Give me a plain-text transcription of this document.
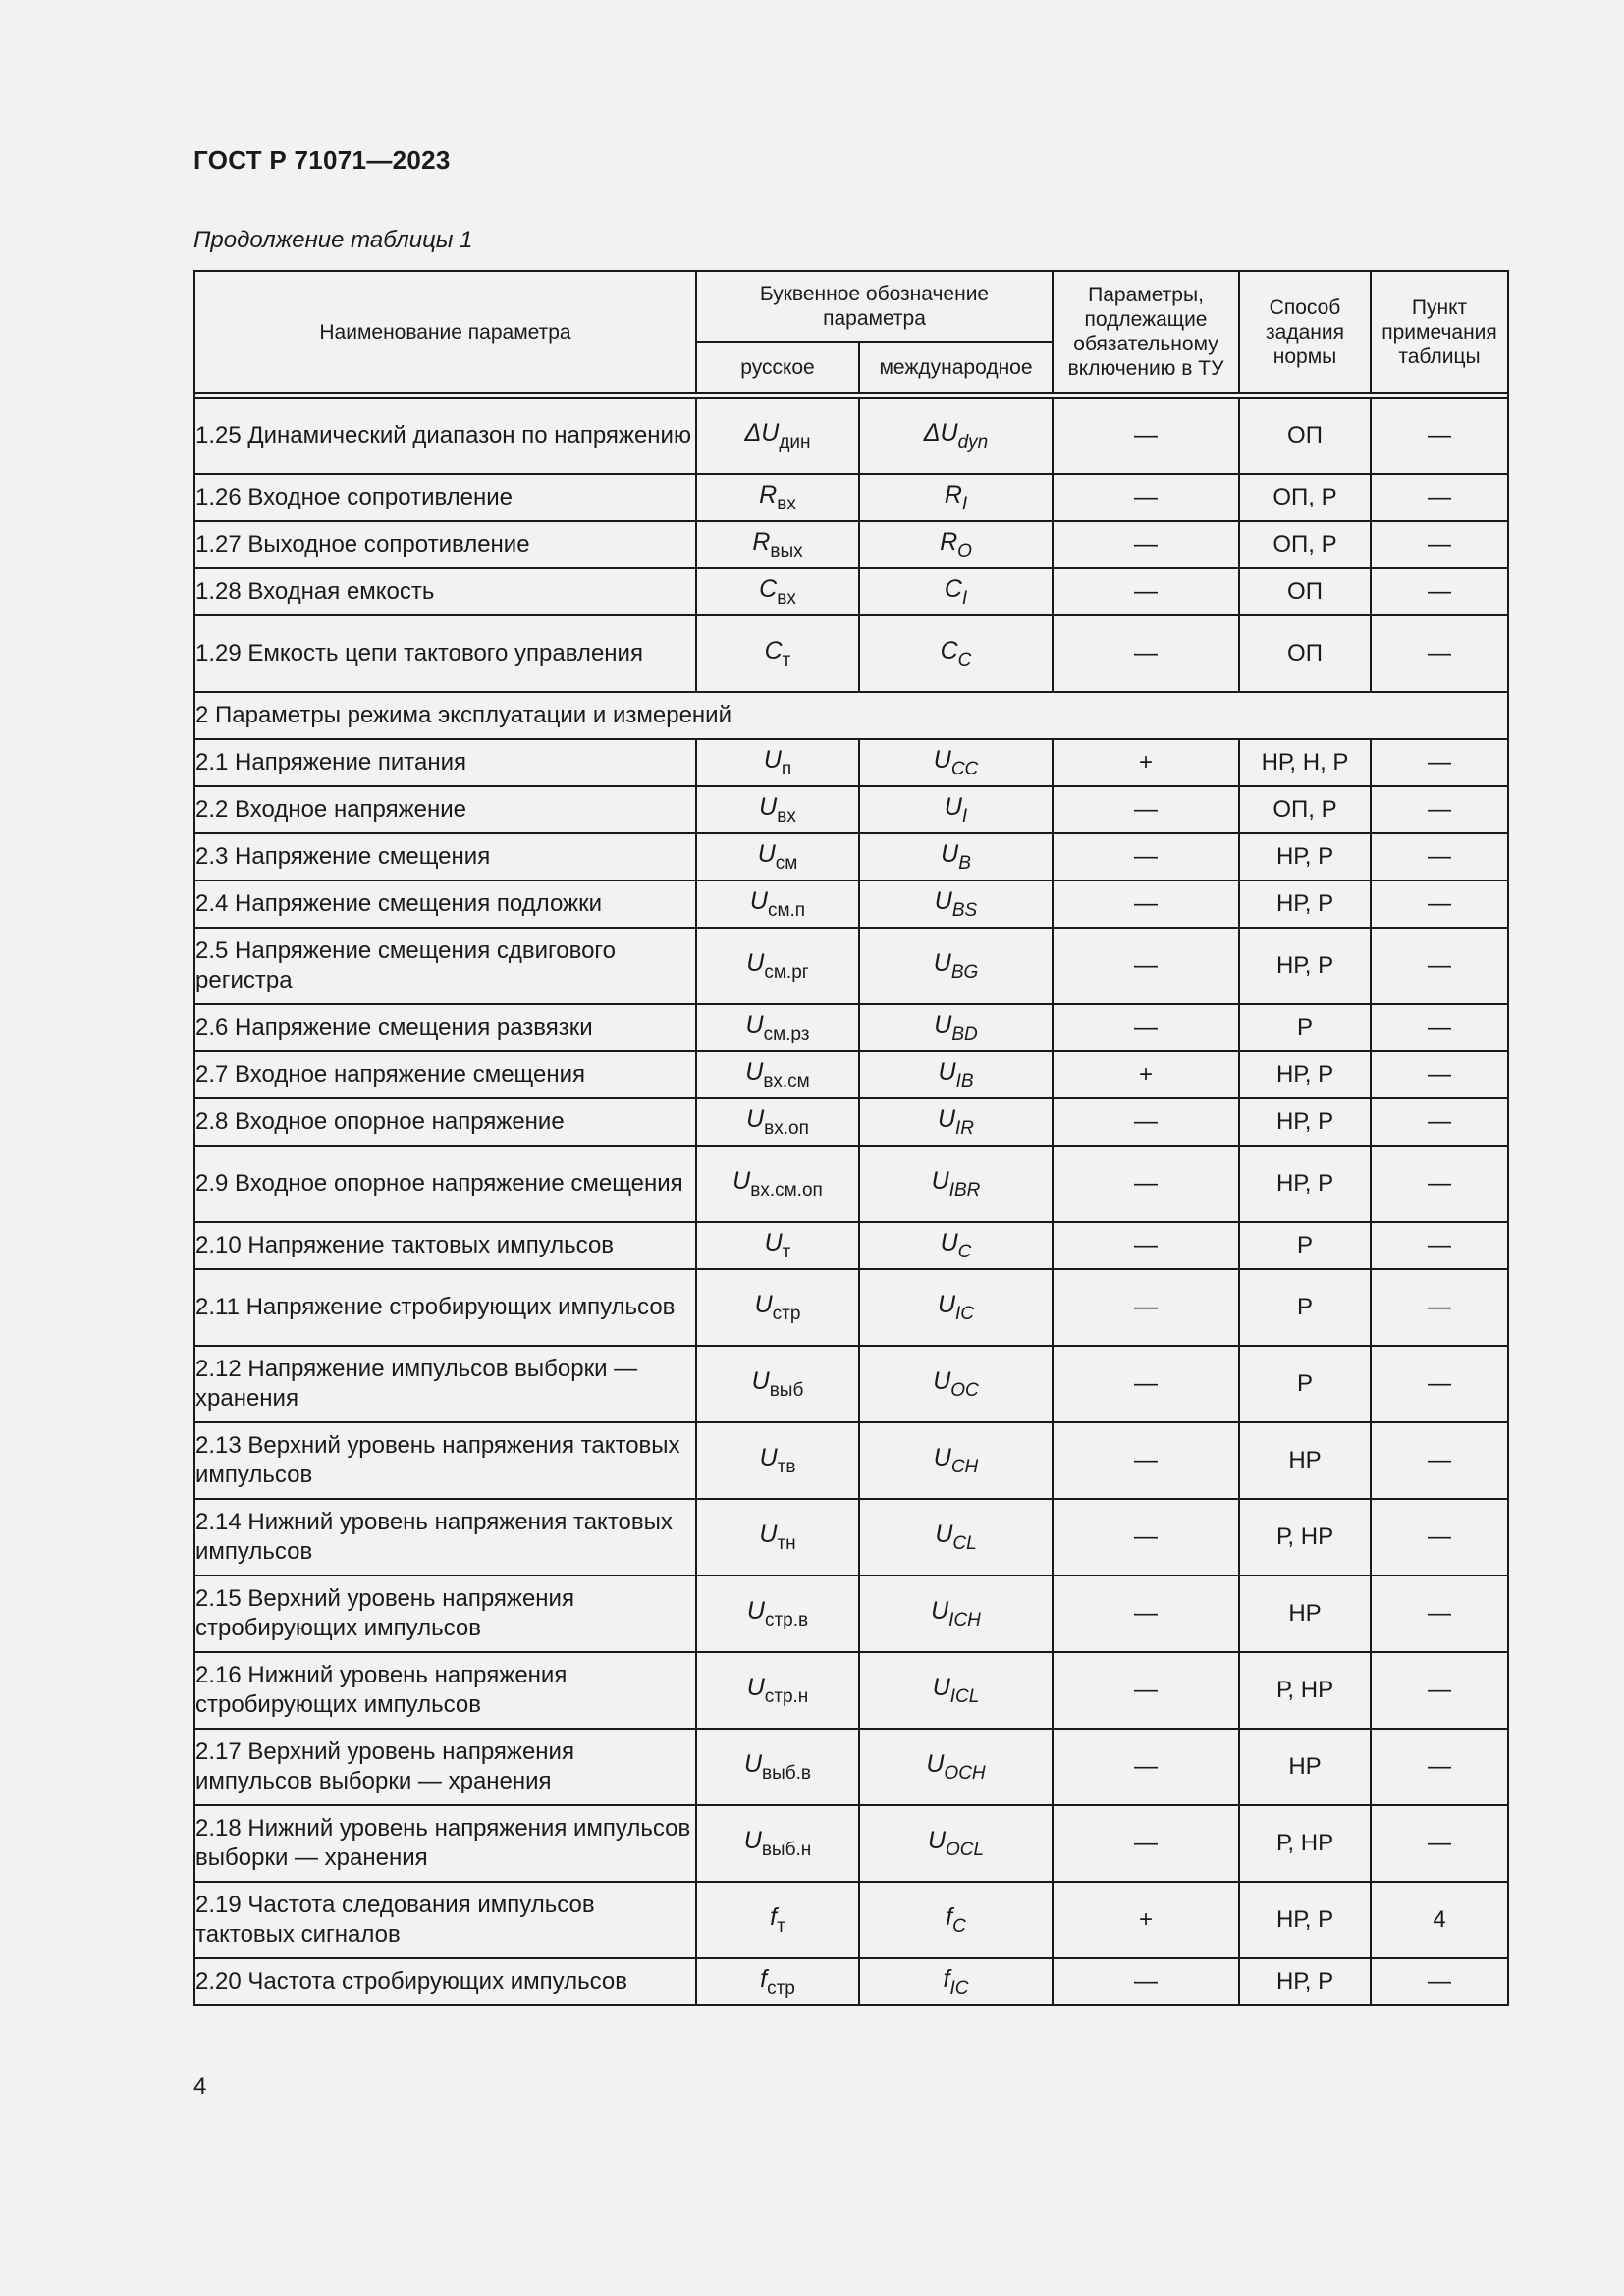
ГОСТ Р 71071—2023
Продолжение таблицы 1
Наименование параметра	Буквенное обозначение параметра		Параметры, подлежащие обязательному включению в ТУ	Способ задания нормы	Пункт примечания таблицы
	русское	международное			

1.25 Динамический диапазон по напряжению	$\Delta U_{дин}$	$\Delta U_{dyn}$	—	ОП	—
1.26 Входное сопротивление	$R_{вх}$	$R_I$	—	ОП, Р	—
1.27 Выходное сопротивление	$R_{вых}$	$R_O$	—	ОП, Р	—
1.28 Входная емкость	$C_{вх}$	$C_I$	—	ОП	—
1.29 Емкость цепи тактового управления	$C_т$	$C_C$	—	ОП	—
2 Параметры режима эксплуатации и измерений					
2.1 Напряжение питания	$U_п$	$U_{CC}$	+	НР, Н, Р	—
2.2 Входное напряжение	$U_{вх}$	$U_I$	—	ОП, Р	—
2.3 Напряжение смещения	$U_{см}$	$U_B$	—	НР, Р	—
2.4 Напряжение смещения подложки	$U_{см.п}$	$U_{BS}$	—	НР, Р	—
2.5 Напряжение смещения сдвигового регистра	$U_{см.рг}$	$U_{BG}$	—	НР, Р	—
2.6 Напряжение смещения развязки	$U_{см.рз}$	$U_{BD}$	—	Р	—
2.7 Входное напряжение смещения	$U_{вх.см}$	$U_{IB}$	+	НР, Р	—
2.8 Входное опорное напряжение	$U_{вх.оп}$	$U_{IR}$	—	НР, Р	—
2.9 Входное опорное напряжение смещения	$U_{вх.см.оп}$	$U_{IBR}$	—	НР, Р	—
2.10 Напряжение тактовых импульсов	$U_т$	$U_C$	—	Р	—
2.11 Напряжение стробирующих импульсов	$U_{стр}$	$U_{IC}$	—	Р	—
2.12 Напряжение импульсов выборки — хранения	$U_{выб}$	$U_{OC}$	—	Р	—
2.13 Верхний уровень напряжения тактовых импульсов	$U_{тв}$	$U_{CH}$	—	НР	—
2.14 Нижний уровень напряжения тактовых импульсов	$U_{тн}$	$U_{CL}$	—	Р, НР	—
2.15 Верхний уровень напряжения стробирующих импульсов	$U_{стр.в}$	$U_{ICH}$	—	НР	—
2.16 Нижний уровень напряжения стробирующих импульсов	$U_{стр.н}$	$U_{ICL}$	—	Р, НР	—
2.17 Верхний уровень напряжения импульсов выборки — хранения	$U_{выб.в}$	$U_{OCH}$	—	НР	—
2.18 Нижний уровень напряжения импульсов выборки — хранения	$U_{выб.н}$	$U_{OCL}$	—	Р, НР	—
2.19 Частота следования импульсов тактовых сигналов	$f_т$	$f_C$	+	НР, Р	4
2.20 Частота стробирующих импульсов	$f_{стр}$	$f_{IC}$	—	НР, Р	—
4
